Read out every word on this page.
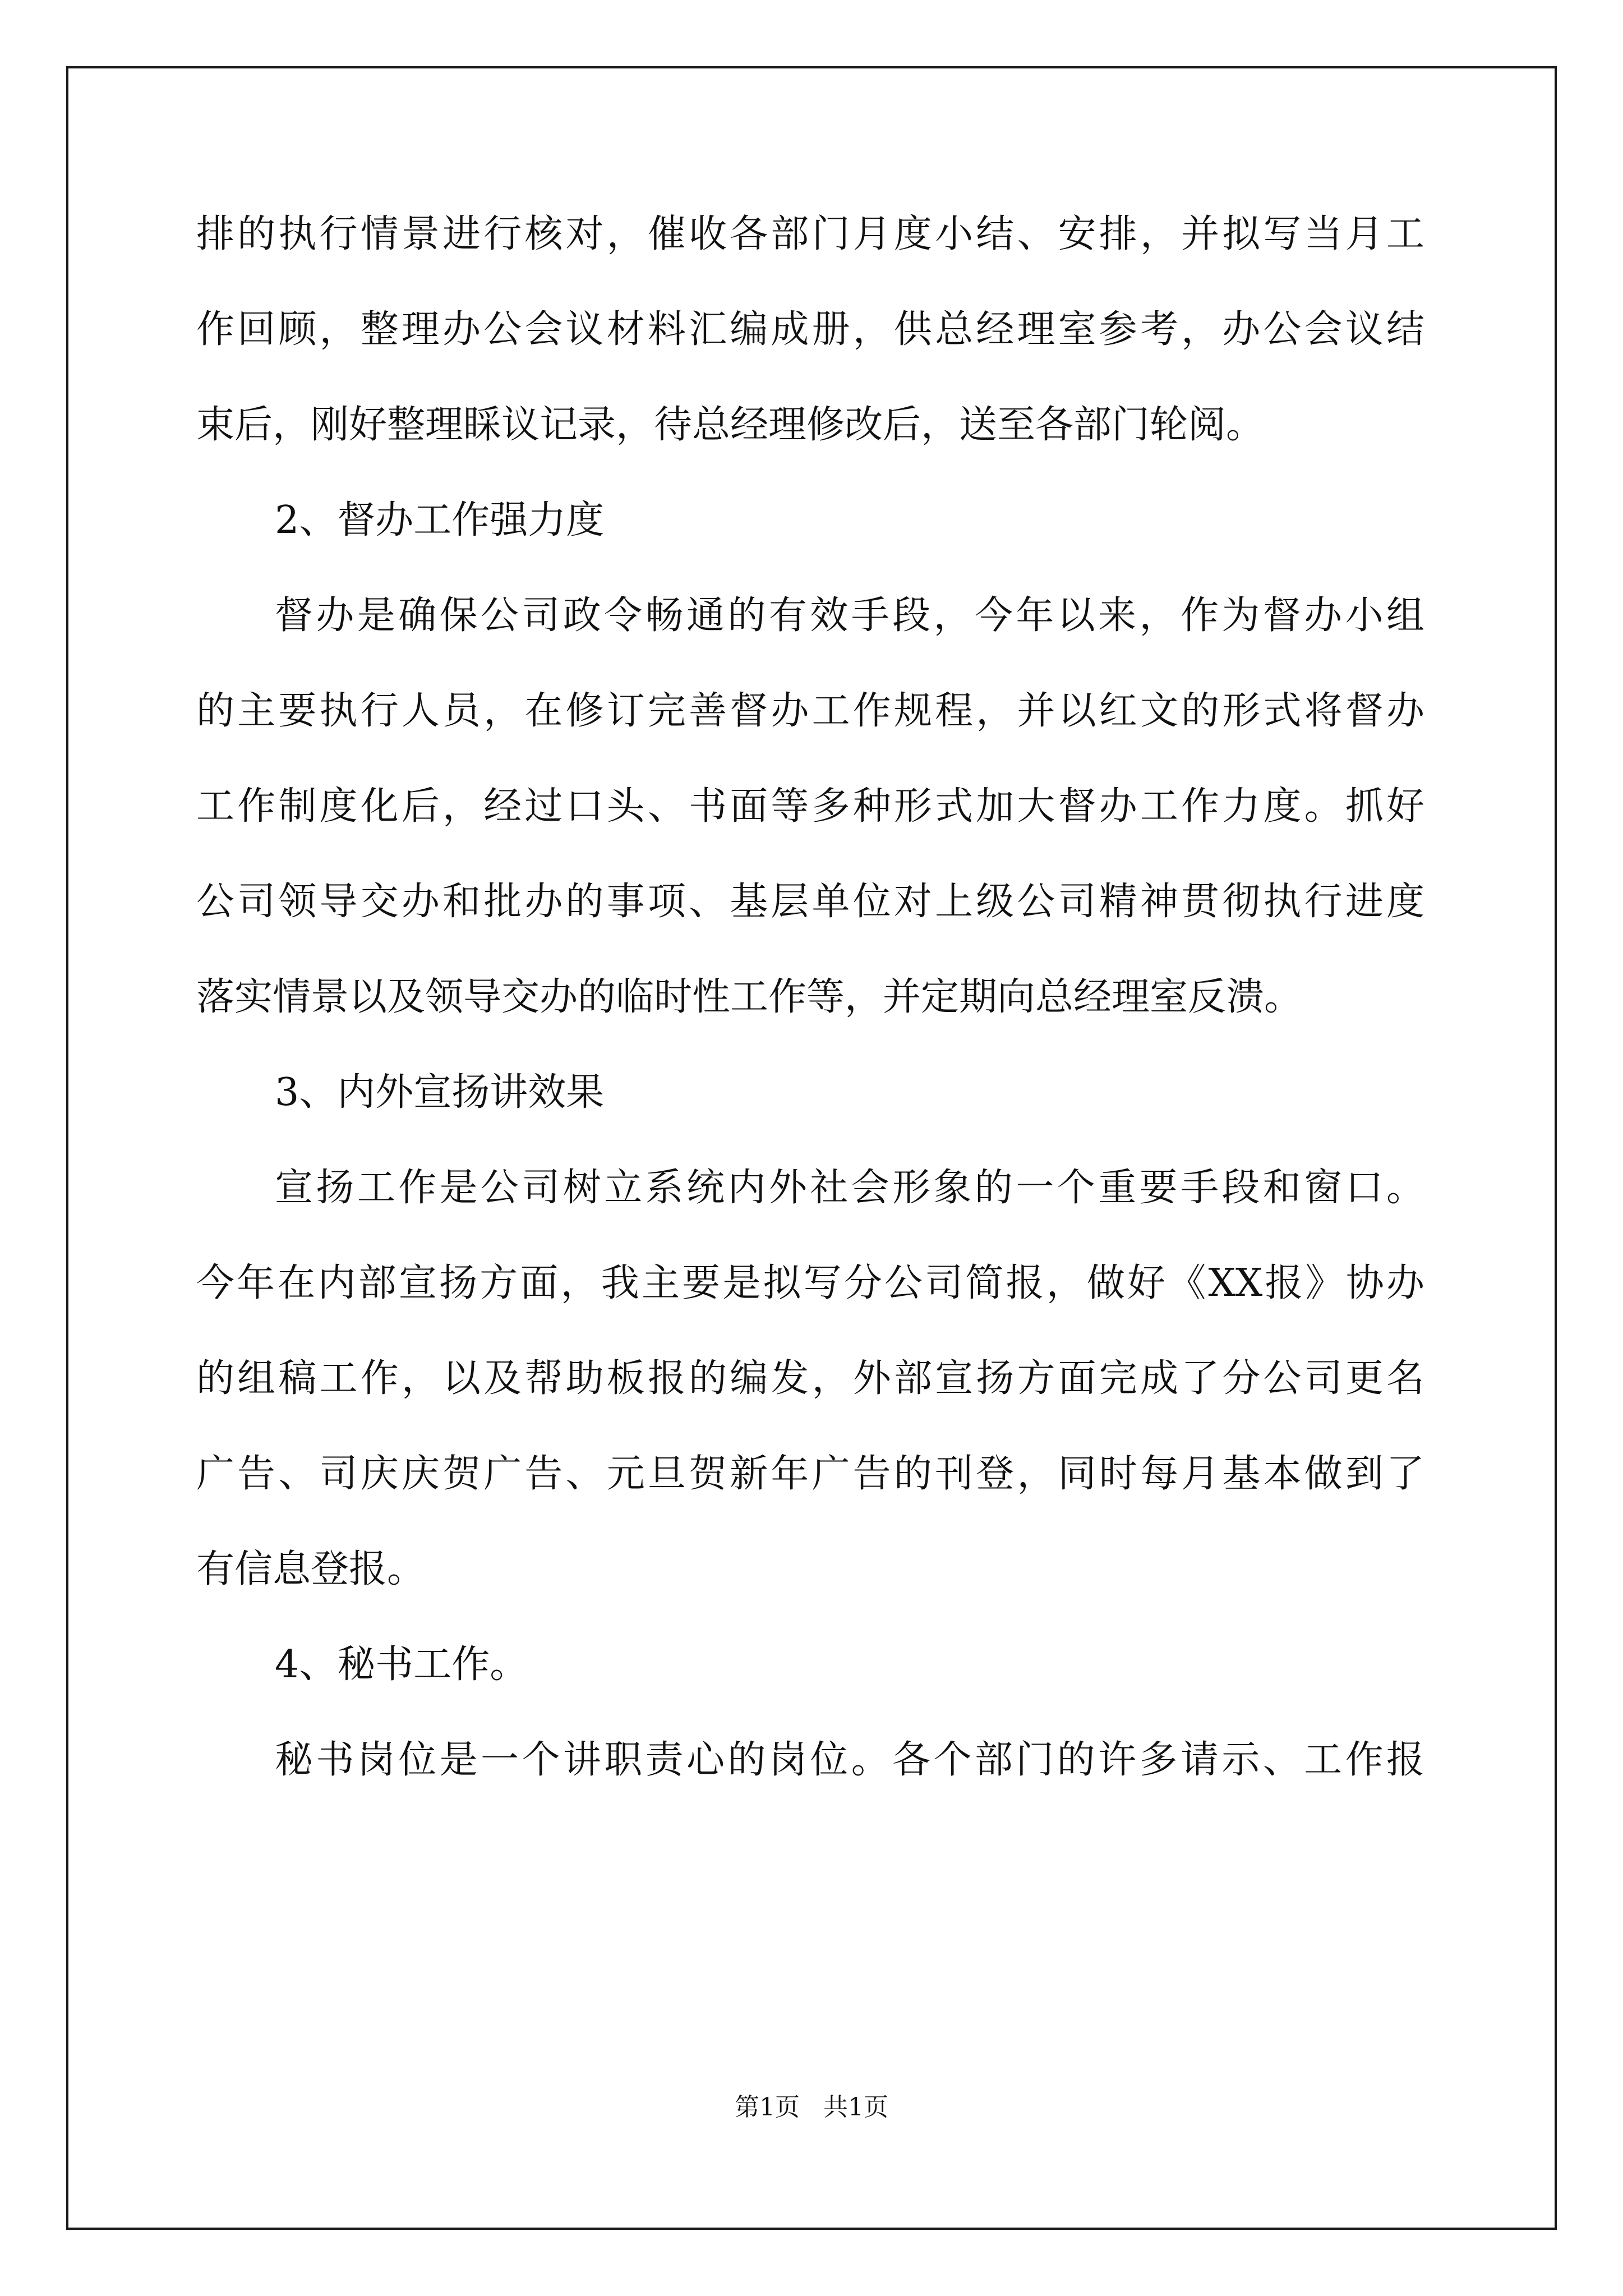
排的执行情景进行核对，催收各部门月度小结、安排，并拟写当月工
作回顾，整理办公会议材料汇编成册，供总经理室参考，办公会议结
束后，刚好整理睬议记录，待总经理修改后，送至各部门轮阅。
2、督办工作强力度
督办是确保公司政令畅通的有效手段，今年以来，作为督办小组
的主要执行人员，在修订完善督办工作规程，并以红文的形式将督办
工作制度化后，经过口头、书面等多种形式加大督办工作力度。抓好
公司领导交办和批办的事项、基层单位对上级公司精神贯彻执行进度
落实情景以及领导交办的临时性工作等，并定期向总经理室反溃。
3、内外宣扬讲效果
宣扬工作是公司树立系统内外社会形象的一个重要手段和窗口。
今年在内部宣扬方面，我主要是拟写分公司简报，做好《XX报》协办
的组稿工作，以及帮助板报的编发，外部宣扬方面完成了分公司更名
广告、司庆庆贺广告、元旦贺新年广告的刊登，同时每月基本做到了
有信息登报。
4、秘书工作。
秘书岗位是一个讲职责心的岗位。各个部门的许多请示、工作报
第1页 共1页
